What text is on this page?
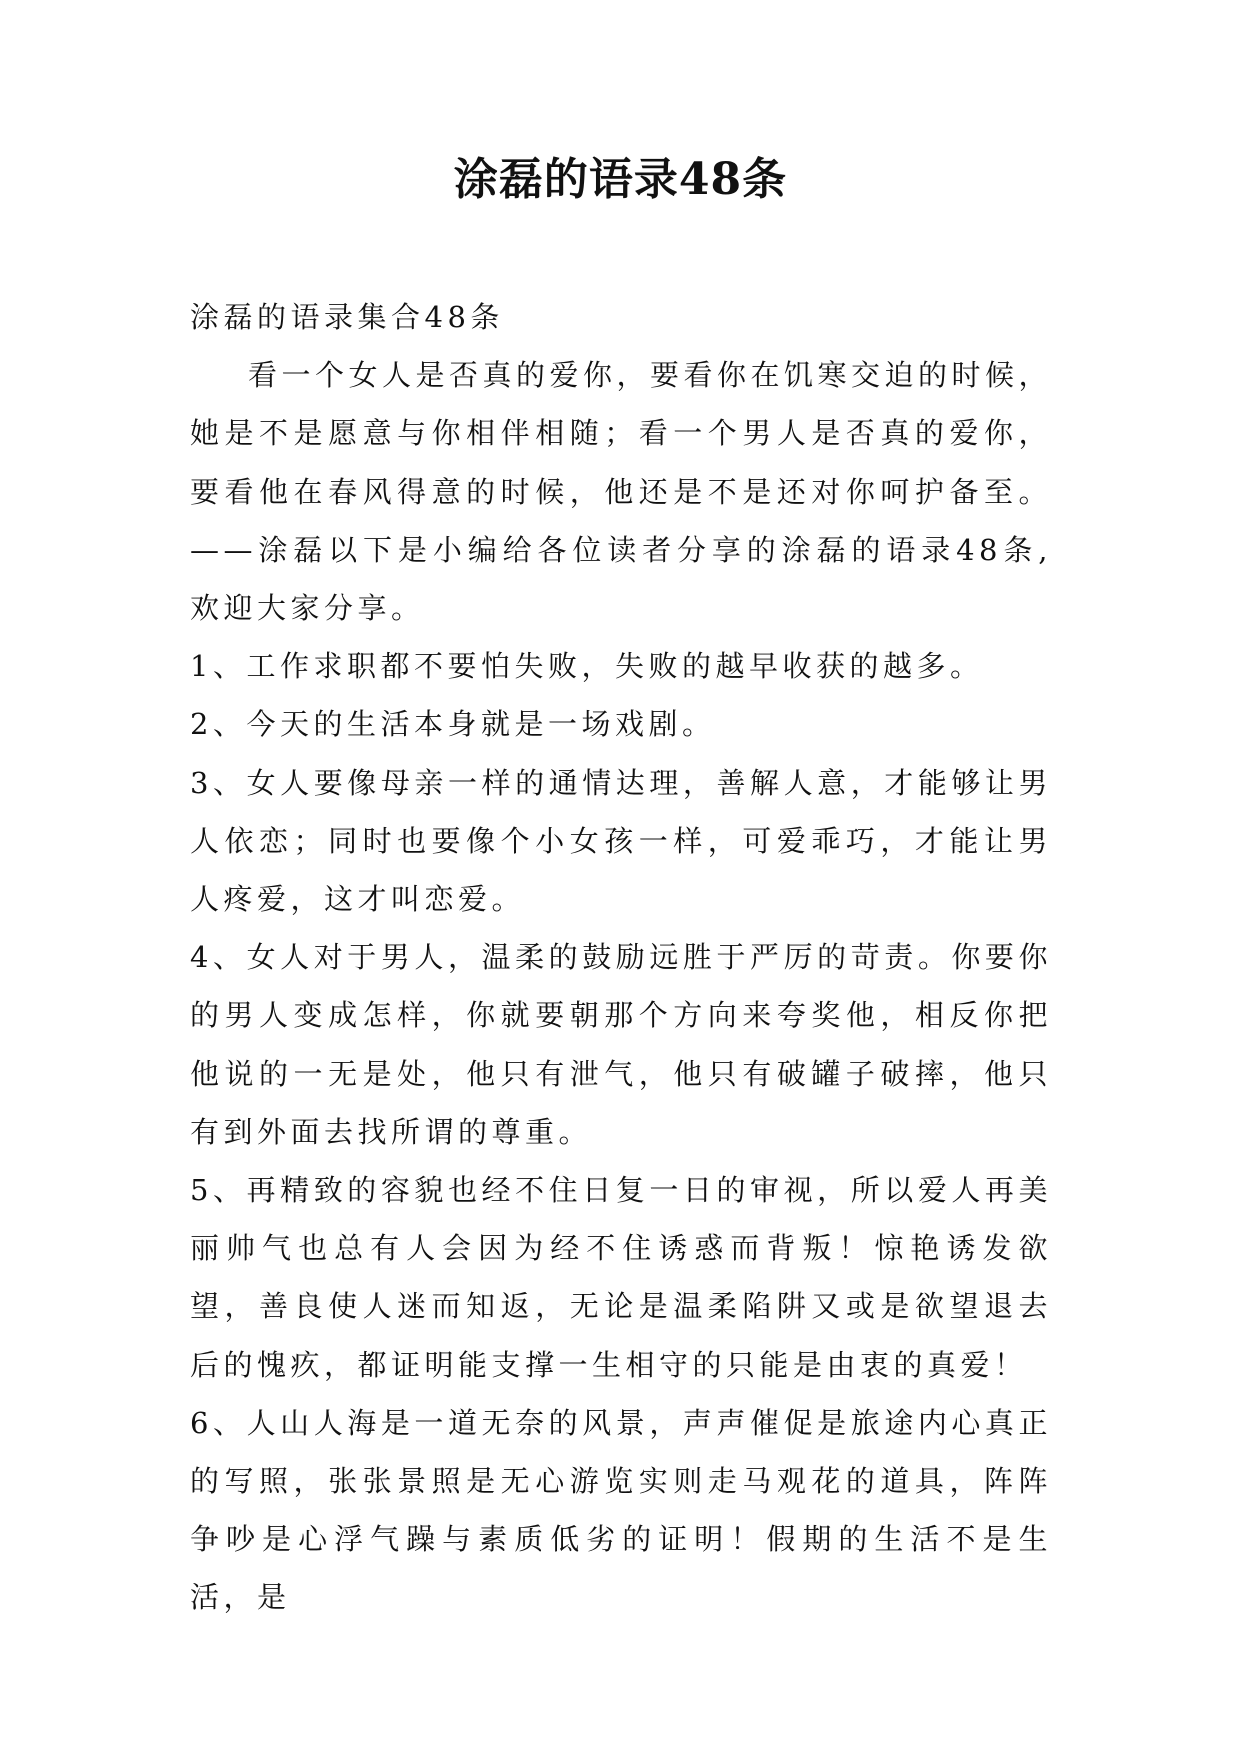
涂磊的语录48条

涂磊的语录集合48条

看一个女人是否真的爱你，要看你在饥寒交迫的时候，她是不是愿意与你相伴相随；看一个男人是否真的爱你，要看他在春风得意的时候，他还是不是还对你呵护备至。——涂磊以下是小编给各位读者分享的涂磊的语录48条,欢迎大家分享。

1、工作求职都不要怕失败，失败的越早收获的越多。

2、今天的生活本身就是一场戏剧。

3、女人要像母亲一样的通情达理，善解人意，才能够让男人依恋；同时也要像个小女孩一样，可爱乖巧，才能让男人疼爱，这才叫恋爱。

4、女人对于男人，温柔的鼓励远胜于严厉的苛责。你要你的男人变成怎样，你就要朝那个方向来夸奖他，相反你把他说的一无是处，他只有泄气，他只有破罐子破摔，他只有到外面去找所谓的尊重。

5、再精致的容貌也经不住日复一日的审视，所以爱人再美丽帅气也总有人会因为经不住诱惑而背叛！惊艳诱发欲望，善良使人迷而知返，无论是温柔陷阱又或是欲望退去后的愧疚，都证明能支撑一生相守的只能是由衷的真爱！

6、人山人海是一道无奈的风景，声声催促是旅途内心真正的写照，张张景照是无心游览实则走马观花的道具，阵阵争吵是心浮气躁与素质低劣的证明！假期的生活不是生活，是
